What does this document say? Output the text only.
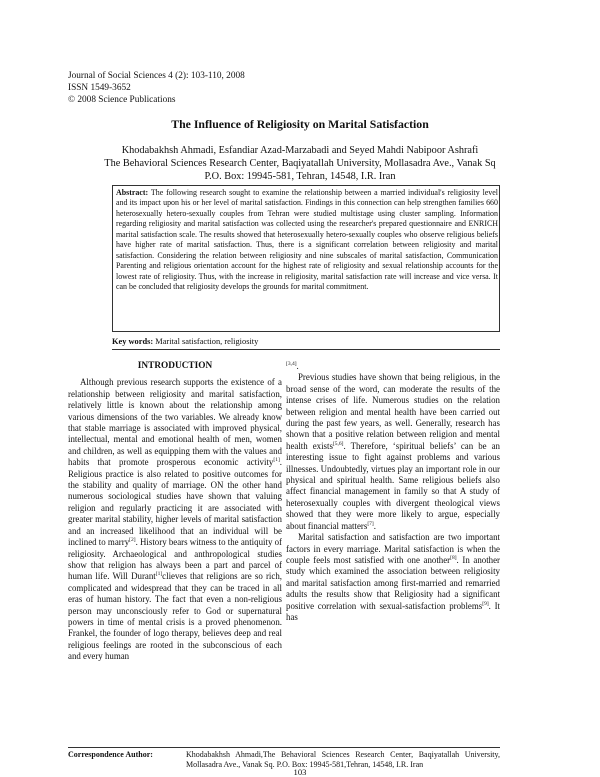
Journal of Social Sciences 4 (2): 103-110, 2008
ISSN 1549-3652
© 2008 Science Publications
The Influence of Religiosity on Marital Satisfaction
Khodabakhsh Ahmadi, Esfandiar Azad-Marzabadi and Seyed Mahdi Nabipoor Ashrafi
The Behavioral Sciences Research Center, Baqiyatallah University, Mollasadra Ave., Vanak Sq P.O. Box: 19945-581, Tehran, 14548, I.R. Iran
Abstract: The following research sought to examine the relationship between a married individual's religiosity level and its impact upon his or her level of marital satisfaction. Findings in this connection can help strengthen families 660 heterosexually hetero-sexually couples from Tehran were studied multistage using cluster sampling. Information regarding religiosity and marital satisfaction was collected using the researcher's prepared questionnaire and ENRICH marital satisfaction scale. The results showed that heterosexually hetero-sexually couples who observe religious beliefs have higher rate of marital satisfaction. Thus, there is a significant correlation between religiosity and marital satisfaction. Considering the relation between religiosity and nine subscales of marital satisfaction, Communication Parenting and religious orientation account for the highest rate of religiosity and sexual relationship accounts for the lowest rate of religiosity. Thus, with the increase in religiosity, marital satisfaction rate will increase and vice versa. It can be concluded that religiosity develops the grounds for marital commitment.
Key words: Marital satisfaction, religiosity
INTRODUCTION

Although previous research supports the existence of a relationship between religiosity and marital satisfaction, relatively little is known about the relationship among various dimensions of the two variables. We already know that stable marriage is associated with improved physical, intellectual, mental and emotional health of men, women and children, as well as equipping them with the values and habits that promote prosperous economic activity[1]. Religious practice is also related to positive outcomes for the stability and quality of marriage. ON the other hand numerous sociological studies have shown that valuing religion and regularly practicing it are associated with greater marital stability, higher levels of marital satisfaction and an increased likelihood that an individual will be inclined to marry[2]. History bears witness to the antiquity of religiosity. Archaeological and anthropological studies show that religion has always been a part and parcel of human life. Will Durant[1]clieves that religions are so rich, complicated and widespread that they can be traced in all eras of human history. The fact that even a non-religious person may unconsciously refer to God or supernatural powers in time of mental crisis is a proved phenomenon. Frankel, the founder of logo therapy, believes deep and real religious feelings are rooted in the subconscious of each and every human

[3,4].

Previous studies have shown that being religious, in the broad sense of the word, can moderate the results of the intense crises of life. Numerous studies on the relation between religion and mental health have been carried out during the past few years, as well. Generally, research has shown that a positive relation between religion and mental health exists[5,6]. Therefore, ‘spiritual beliefs’ can be an interesting issue to fight against problems and various illnesses. Undoubtedly, virtues play an important role in our physical and spiritual health. Same religious beliefs also affect financial management in family so that A study of heterosexually couples with divergent theological views showed that they were more likely to argue, especially about financial matters[7].

Marital satisfaction and satisfaction are two important factors in every marriage. Marital satisfaction is when the couple feels most satisfied with one another[8]. In another study which examined the association between religiosity and marital satisfaction among first-married and remarried adults the results show that Religiosity had a significant positive correlation with sexual-satisfaction problems[9]. It has

Correspondence Author:	Khodabakhsh Ahmadi,The Behavioral Sciences Research Center, Baqiyatallah University, Mollasadra Ave., Vanak Sq. P.O. Box: 19945-581,Tehran, 14548, I.R. Iran
103
